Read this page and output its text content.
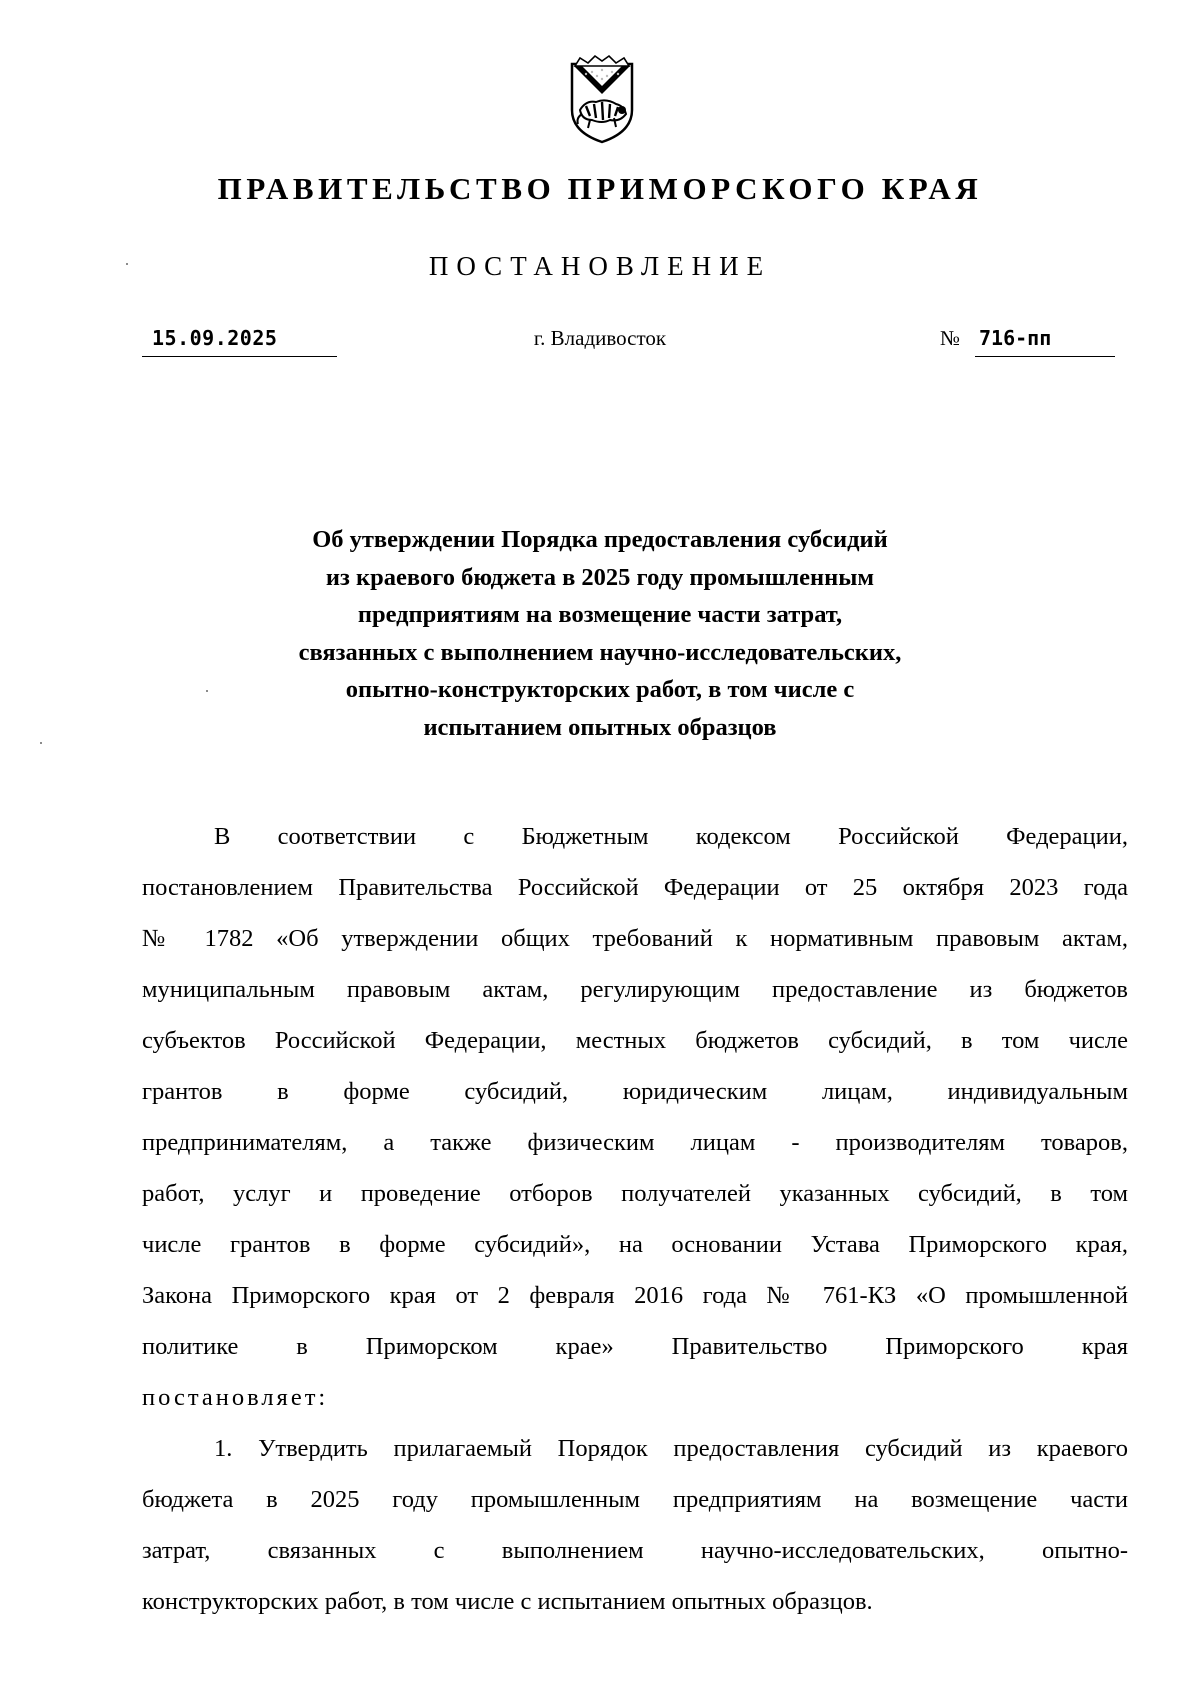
ПРАВИТЕЛЬСТВО ПРИМОРСКОГО КРАЯ
ПОСТАНОВЛЕНИЕ
15.09.2025	г. Владивосток	№ 716-пп
Об утверждении Порядка предоставления субсидий
из краевого бюджета в 2025 году промышленным
предприятиям на возмещение части затрат,
связанных с выполнением научно-исследовательских,
опытно-конструкторских работ, в том числе с
испытанием опытных образцов
В соответствии с Бюджетным кодексом Российской Федерации,
постановлением Правительства Российской Федерации от 25 октября 2023 года
№ 1782 «Об утверждении общих требований к нормативным правовым актам,
муниципальным правовым актам, регулирующим предоставление из бюджетов
субъектов Российской Федерации, местных бюджетов субсидий, в том числе
грантов в форме субсидий, юридическим лицам, индивидуальным
предпринимателям, а также физическим лицам - производителям товаров,
работ, услуг и проведение отборов получателей указанных субсидий, в том
числе грантов в форме субсидий», на основании Устава Приморского края,
Закона Приморского края от 2 февраля 2016 года № 761-КЗ «О промышленной
политике в Приморском крае» Правительство Приморского края
постановляет:
1. Утвердить прилагаемый Порядок предоставления субсидий из краевого
бюджета в 2025 году промышленным предприятиям на возмещение части
затрат, связанных с выполнением научно-исследовательских, опытно-
конструкторских работ, в том числе с испытанием опытных образцов.
